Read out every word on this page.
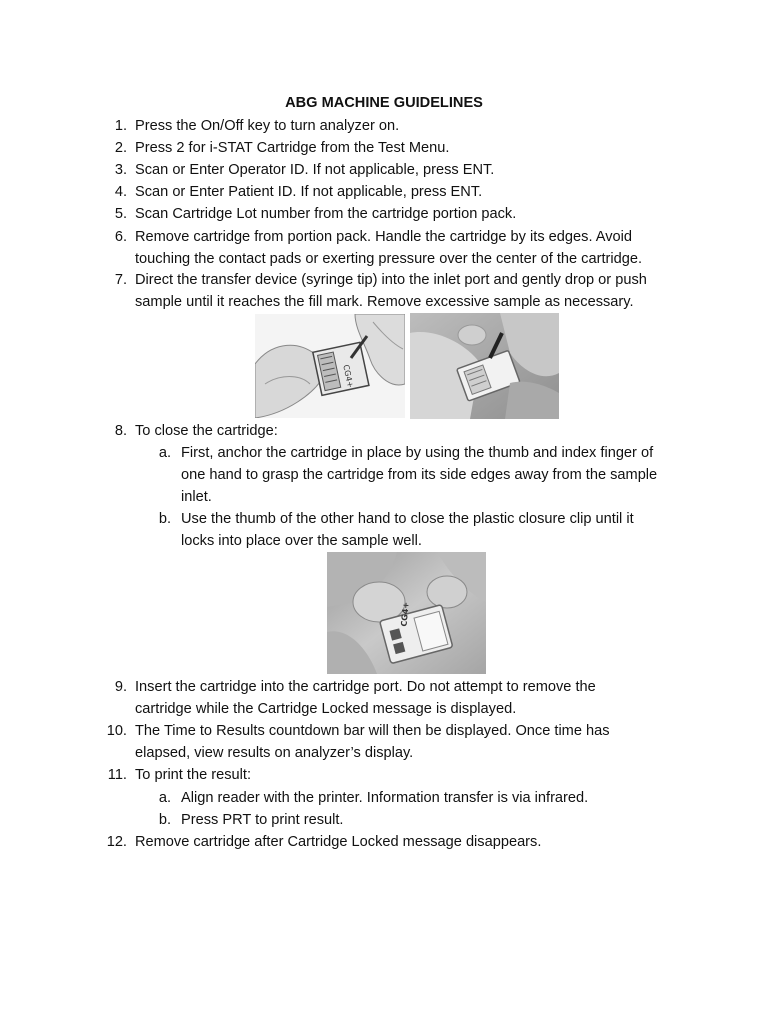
ABG MACHINE GUIDELINES
1. Press the On/Off key to turn analyzer on.
2. Press 2 for i-STAT Cartridge from the Test Menu.
3. Scan or Enter Operator ID. If not applicable, press ENT.
4. Scan or Enter Patient ID. If not applicable, press ENT.
5. Scan Cartridge Lot number from the cartridge portion pack.
6. Remove cartridge from portion pack. Handle the cartridge by its edges. Avoid
touching the contact pads or exerting pressure over the center of the cartridge.
7. Direct the transfer device (syringe tip) into the inlet port and gently drop or push
sample until it reaches the fill mark. Remove excessive sample as necessary.
CG4+
8. To close the cartridge:
a. First, anchor the cartridge in place by using the thumb and index finger of
one hand to grasp the cartridge from its side edges away from the sample
inlet.
b. Use the thumb of the other hand to close the plastic closure clip until it
locks into place over the sample well.
CG4+
9. Insert the cartridge into the cartridge port. Do not attempt to remove the
cartridge while the Cartridge Locked message is displayed.
10. The Time to Results countdown bar will then be displayed. Once time has
elapsed, view results on analyzer’s display.
11. To print the result:
a. Align reader with the printer. Information transfer is via infrared.
b. Press PRT to print result.
12. Remove cartridge after Cartridge Locked message disappears.
